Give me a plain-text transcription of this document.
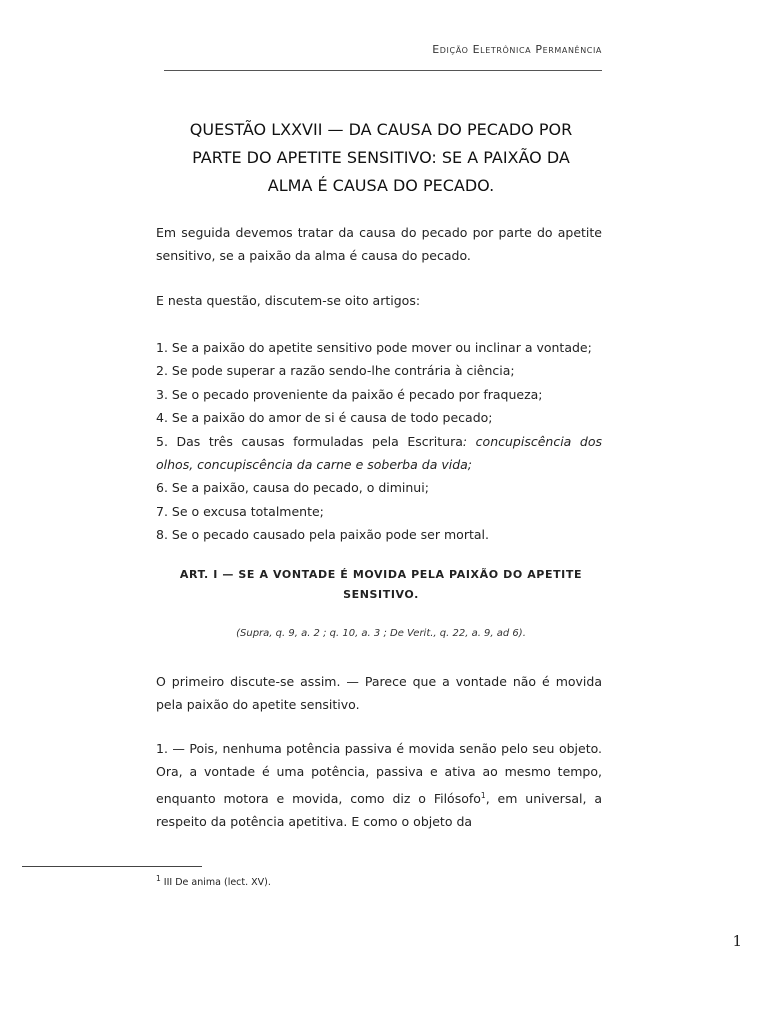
Edição Eletrônica Permanência
QUESTÃO LXXVII — DA CAUSA DO PECADO POR
PARTE DO APETITE SENSITIVO: SE A PAIXÃO DA
ALMA É CAUSA DO PECADO.

Em seguida devemos tratar da causa do pecado por parte do apetite sensitivo, se a paixão da alma é causa do pecado.

E nesta questão, discutem-se oito artigos:

1. Se a paixão do apetite sensitivo pode mover ou inclinar a vontade;
2. Se pode superar a razão sendo-lhe contrária à ciência;
3. Se o pecado proveniente da paixão é pecado por fraqueza;
4. Se a paixão do amor de si é causa de todo pecado;
5. Das três causas formuladas pela Escritura: concupiscência dos olhos, concupiscência da carne e soberba da vida;
6. Se a paixão, causa do pecado, o diminui;
7. Se o excusa totalmente;
8. Se o pecado causado pela paixão pode ser mortal.
ART. I — SE A VONTADE É MOVIDA PELA PAIXÃO DO APETITE
SENSITIVO.

(Supra, q. 9, a. 2 ; q. 10, a. 3 ; De Verit., q. 22, a. 9, ad 6).

O primeiro discute-se assim. — Parece que a vontade não é movida pela paixão do apetite sensitivo.

1. — Pois, nenhuma potência passiva é movida senão pelo seu objeto. Ora, a vontade é uma potência, passiva e ativa ao mesmo tempo, enquanto motora e movida, como diz o Filósofo$^1$, em universal, a respeito da potência apetitiva. E como o objeto da

$^1$ III De anima (lect. XV).

1
